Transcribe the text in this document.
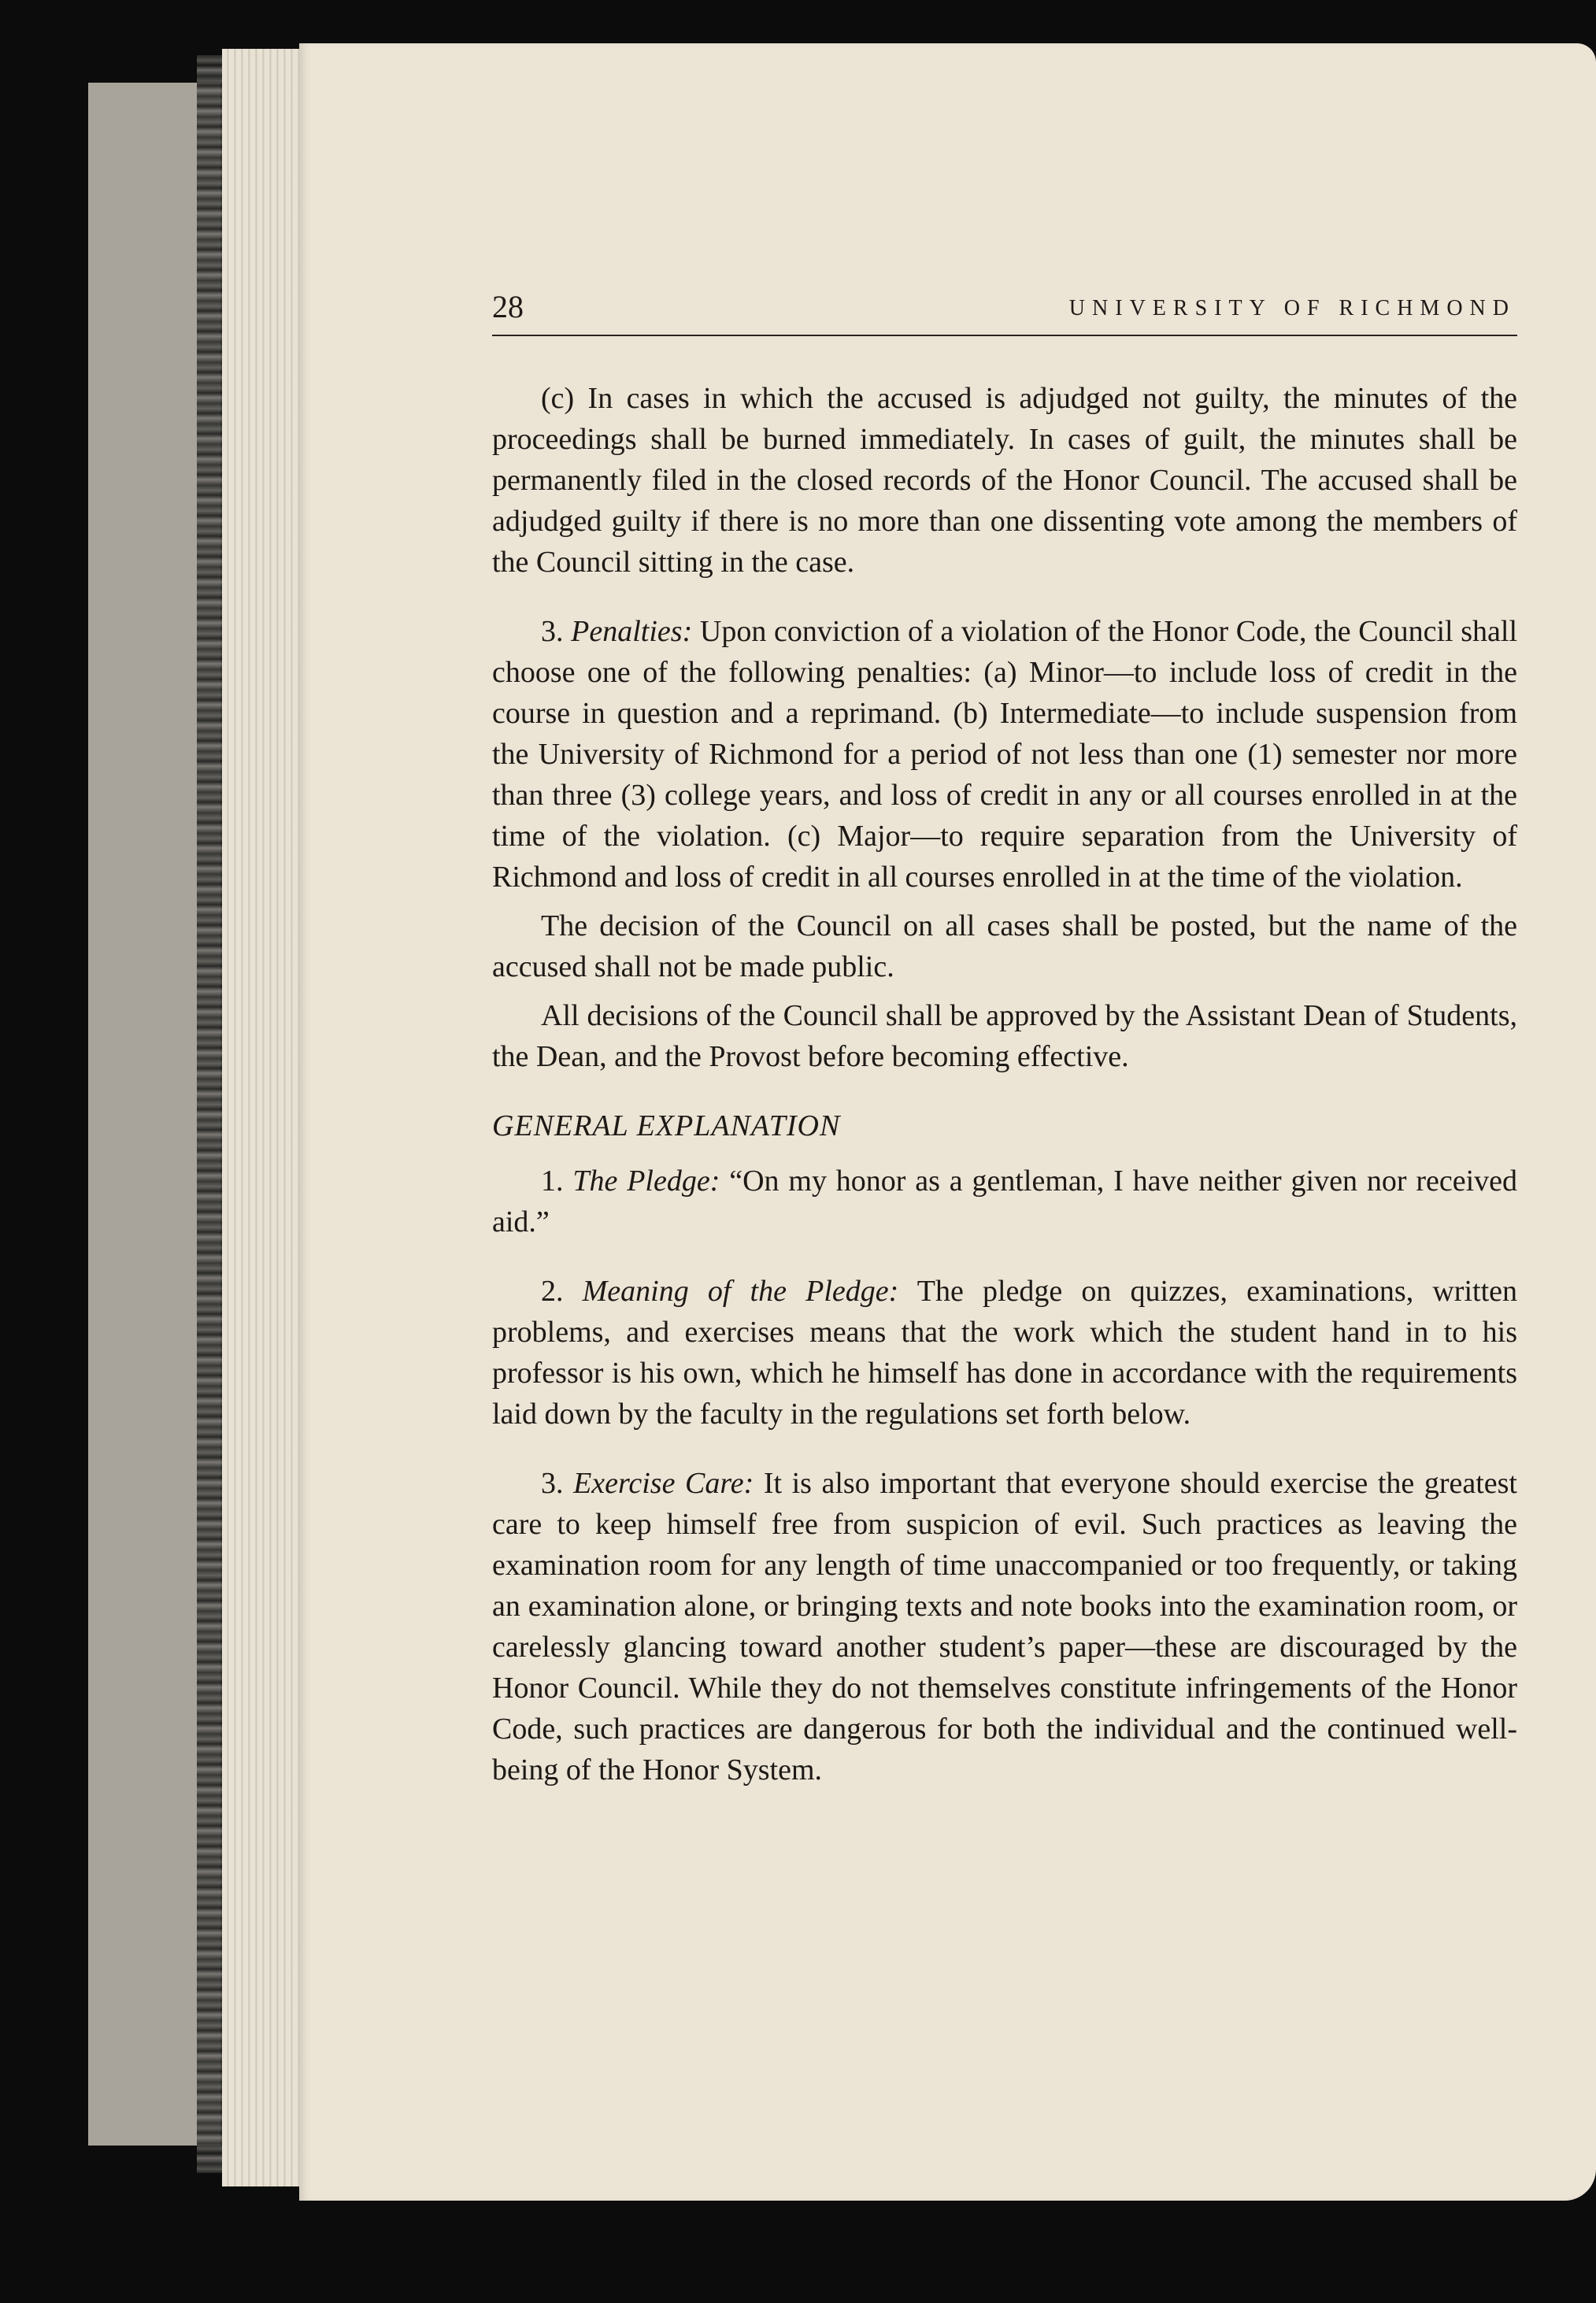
28	UNIVERSITY OF RICHMOND

(c) In cases in which the accused is adjudged not guilty, the minutes of the proceedings shall be burned immediately. In cases of guilt, the minutes shall be permanently filed in the closed records of the Honor Council. The accused shall be adjudged guilty if there is no more than one dissenting vote among the members of the Council sitting in the case.

3. Penalties: Upon conviction of a violation of the Honor Code, the Council shall choose one of the following penalties: (a) Minor—to include loss of credit in the course in question and a reprimand. (b) Intermediate—to include suspension from the University of Richmond for a period of not less than one (1) semester nor more than three (3) college years, and loss of credit in any or all courses enrolled in at the time of the violation. (c) Major—to require separation from the University of Richmond and loss of credit in all courses enrolled in at the time of the violation.

The decision of the Council on all cases shall be posted, but the name of the accused shall not be made public.

All decisions of the Council shall be approved by the Assistant Dean of Students, the Dean, and the Provost before becoming effective.

GENERAL EXPLANATION

1. The Pledge: “On my honor as a gentleman, I have neither given nor received aid.”

2. Meaning of the Pledge: The pledge on quizzes, examinations, written problems, and exercises means that the work which the student hand in to his professor is his own, which he himself has done in accordance with the requirements laid down by the faculty in the regulations set forth below.

3. Exercise Care: It is also important that everyone should exercise the greatest care to keep himself free from suspicion of evil. Such practices as leaving the examination room for any length of time unaccompanied or too frequently, or taking an examination alone, or bringing texts and note books into the examination room, or carelessly glancing toward another student’s paper—these are discouraged by the Honor Council. While they do not themselves constitute infringements of the Honor Code, such practices are dangerous for both the individual and the continued well-being of the Honor System.
